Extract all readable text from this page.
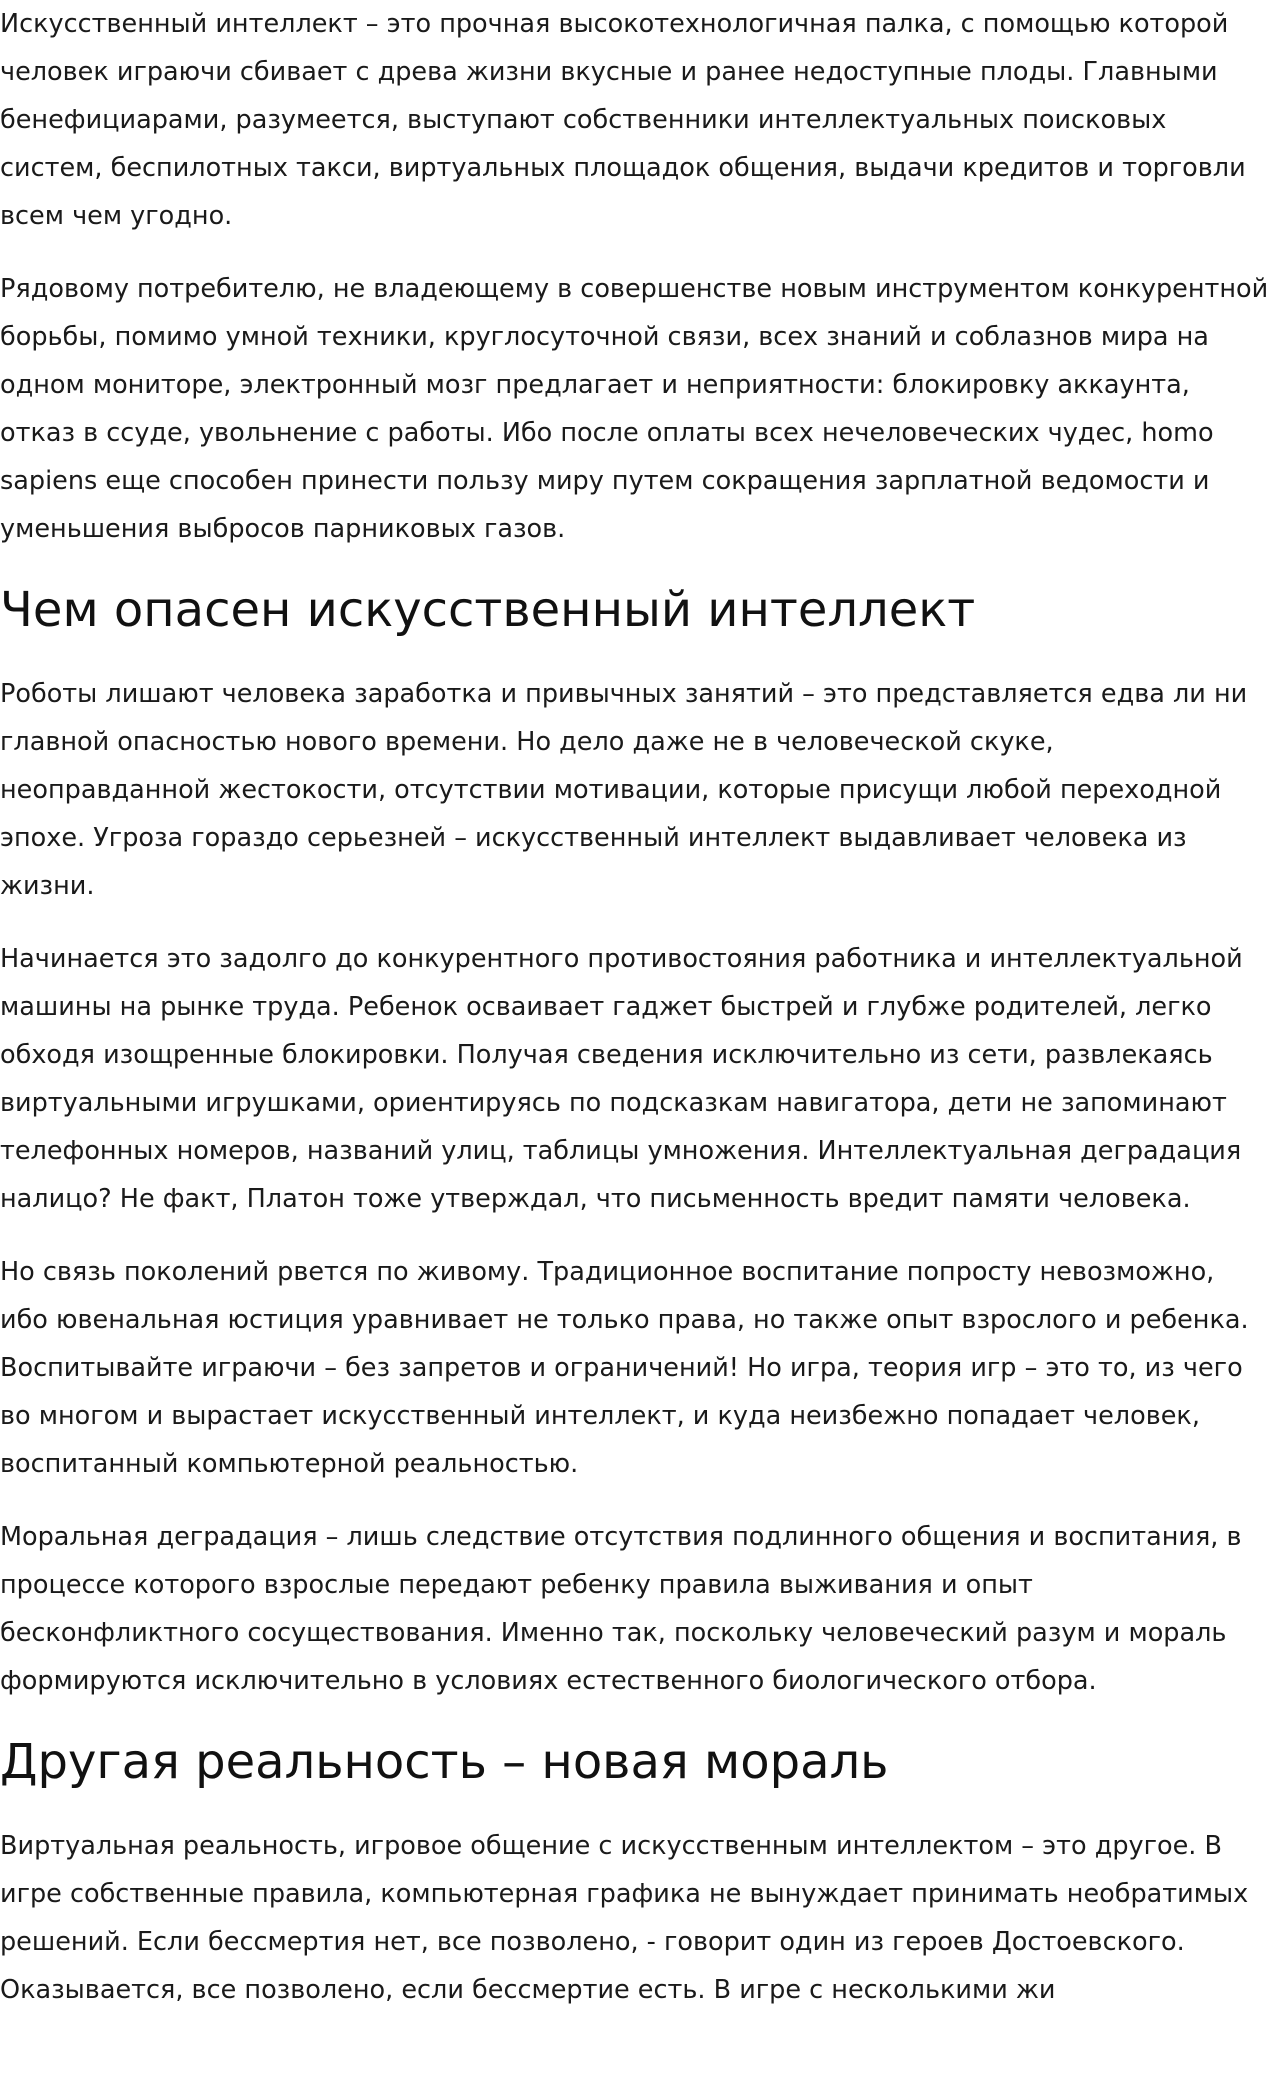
Искусственный интеллект – это прочная высокотехнологичная палка, с помощью которой человек играючи сбивает с древа жизни вкусные и ранее недоступные плоды. Главными бенефициарами, разумеется, выступают собственники интеллектуальных поисковых систем, беспилотных такси, виртуальных площадок общения, выдачи кредитов и торговли всем чем угодно.

Рядовому потребителю, не владеющему в совершенстве новым инструментом конкурентной борьбы, помимо умной техники, круглосуточной связи, всех знаний и соблазнов мира на одном мониторе, электронный мозг предлагает и неприятности: блокировку аккаунта, отказ в ссуде, увольнение с работы. Ибо после оплаты всех нечеловеческих чудес, homo sapiens еще способен принести пользу миру путем сокращения зарплатной ведомости и уменьшения выбросов парниковых газов.

Чем опасен искусственный интеллект

Роботы лишают человека заработка и привычных занятий – это представляется едва ли ни главной опасностью нового времени. Но дело даже не в человеческой скуке, неоправданной жестокости, отсутствии мотивации, которые присущи любой переходной эпохе. Угроза гораздо серьезней – искусственный интеллект выдавливает человека из жизни.

Начинается это задолго до конкурентного противостояния работника и интеллектуальной машины на рынке труда. Ребенок осваивает гаджет быстрей и глубже родителей, легко обходя изощренные блокировки. Получая сведения исключительно из сети, развлекаясь виртуальными игрушками, ориентируясь по подсказкам навигатора, дети не запоминают телефонных номеров, названий улиц, таблицы умножения. Интеллектуальная деградация налицо? Не факт, Платон тоже утверждал, что письменность вредит памяти человека.

Но связь поколений рвется по живому. Традиционное воспитание попросту невозможно, ибо ювенальная юстиция уравнивает не только права, но также опыт взрослого и ребенка. Воспитывайте играючи – без запретов и ограничений! Но игра, теория игр – это то, из чего во многом и вырастает искусственный интеллект, и куда неизбежно попадает человек, воспитанный компьютерной реальностью.

Моральная деградация – лишь следствие отсутствия подлинного общения и воспитания, в процессе которого взрослые передают ребенку правила выживания и опыт бесконфликтного сосуществования. Именно так, поскольку человеческий разум и мораль формируются исключительно в условиях естественного биологического отбора.

Другая реальность – новая мораль

Виртуальная реальность, игровое общение с искусственным интеллектом – это другое. В игре собственные правила, компьютерная графика не вынуждает принимать необратимых решений. Если бессмертия нет, все позволено, - говорит один из героев Достоевского. Оказывается, все позволено, если бессмертие есть. В игре с несколькими жи
